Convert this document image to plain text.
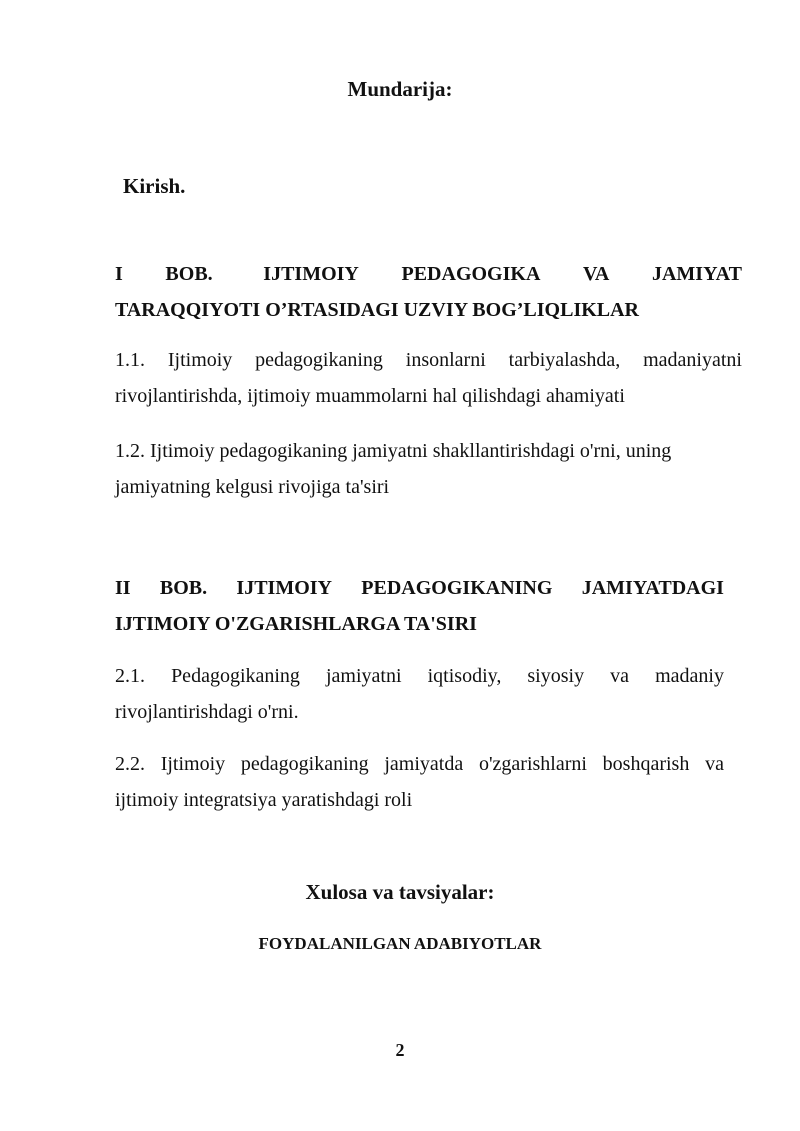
Mundarija:
Kirish.
I BOB.	IJTIMOIY PEDAGOGIKA VA JAMIYAT
TARAQQIYOTI O’RTASIDAGI UZVIY BOG’LIQLIKLAR
1.1. Ijtimoiy pedagogikaning insonlarni tarbiyalashda, madaniyatni
rivojlantirishda, ijtimoiy muammolarni hal qilishdagi ahamiyati
1.2. Ijtimoiy pedagogikaning jamiyatni shakllantirishdagi o'rni, uning
jamiyatning kelgusi rivojiga ta'siri
II BOB. IJTIMOIY PEDAGOGIKANING JAMIYATDAGI
IJTIMOIY O'ZGARISHLARGA TA'SIRI
2.1. Pedagogikaning jamiyatni iqtisodiy, siyosiy va madaniy
rivojlantirishdagi o'rni.
2.2. Ijtimoiy pedagogikaning jamiyatda o'zgarishlarni boshqarish va
ijtimoiy integratsiya yaratishdagi roli
Xulosa va tavsiyalar:
FOYDALANILGAN ADABIYOTLAR
2
